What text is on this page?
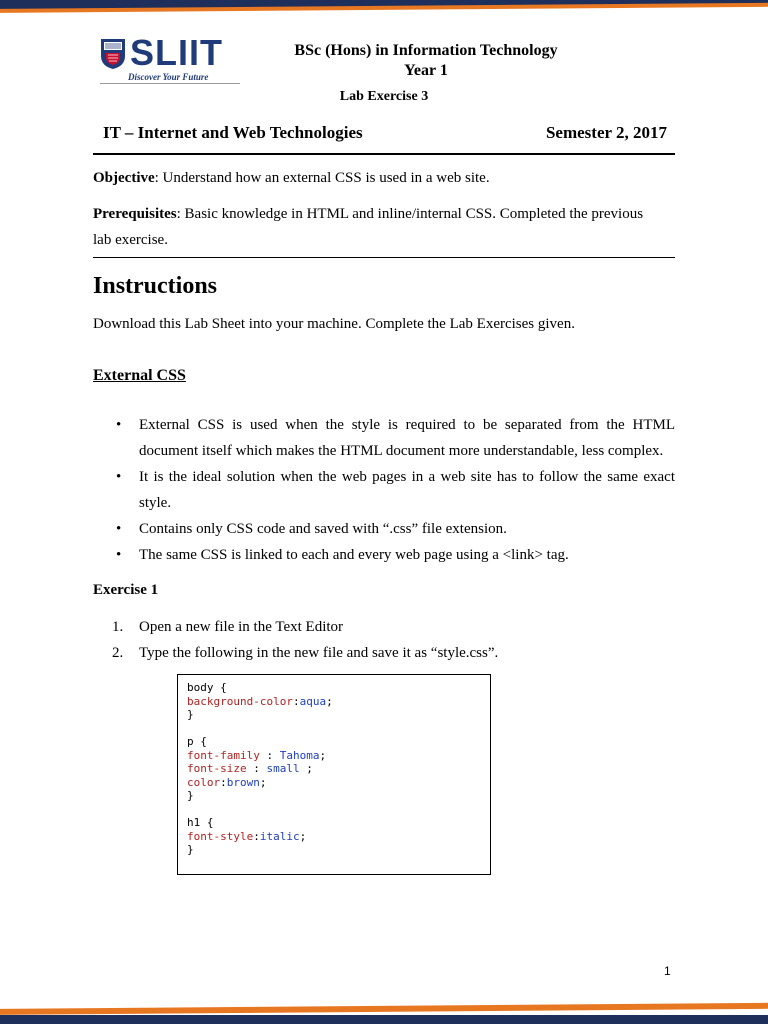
SLIIT
Discover Your Future
BSc (Hons) in Information Technology
Year 1
Lab Exercise 3
IT – Internet and Web Technologies	Semester 2, 2017
Objective: Understand how an external CSS is used in a web site.
Prerequisites: Basic knowledge in HTML and inline/internal CSS. Completed the previous
lab exercise.
Instructions
Download this Lab Sheet into your machine. Complete the Lab Exercises given.
External CSS
• External CSS is used when the style is required to be separated from the HTML document itself which makes the HTML document more understandable, less complex.
• It is the ideal solution when the web pages in a web site has to follow the same exact style.
• Contains only CSS code and saved with “.css” file extension.
• The same CSS is linked to each and every web page using a <link> tag.
Exercise 1
1. Open a new file in the Text Editor
2. Type the following in the new file and save it as “style.css”.
body {
background-color:aqua;
}
p {
font-family : Tahoma;
font-size : small ;
color:brown;
}
h1 {
font-style:italic;
}
1
